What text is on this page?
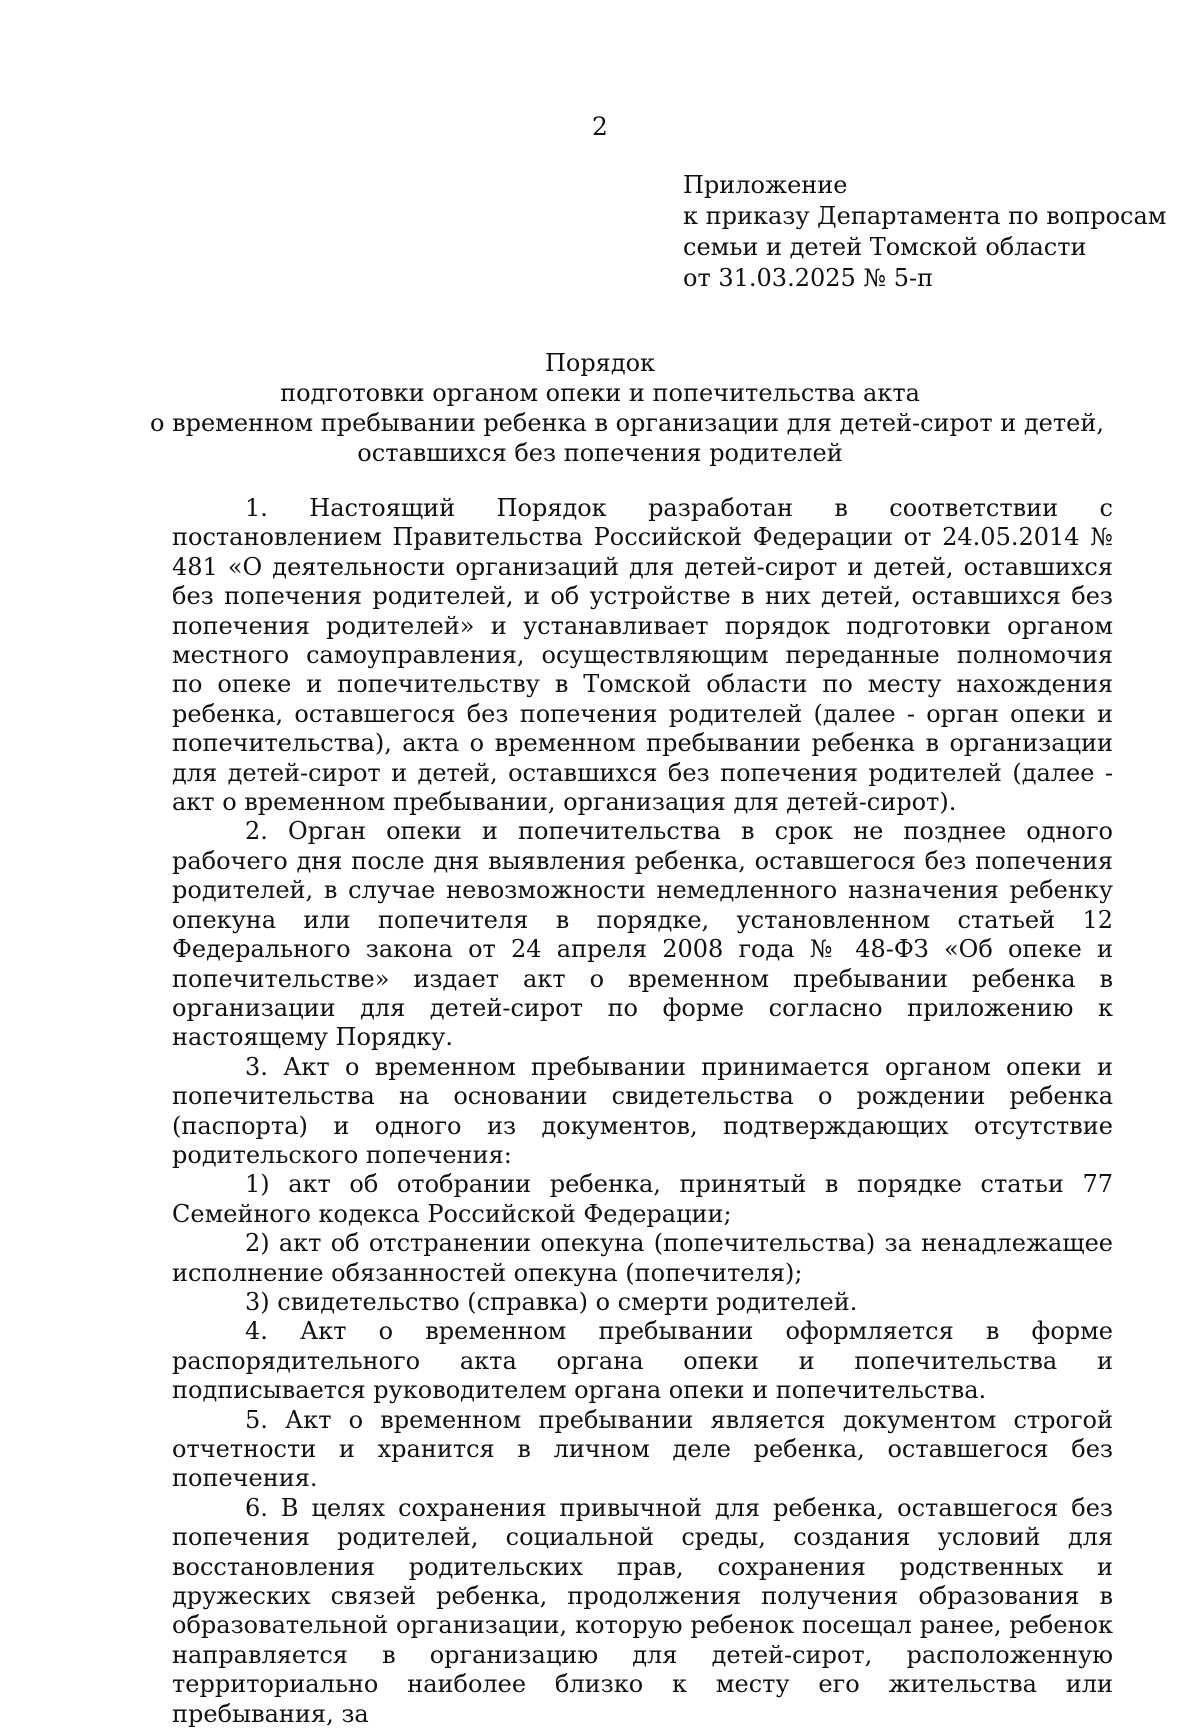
2
Приложение
к приказу Департамента по вопросам
семьи и детей Томской области
от 31.03.2025 № 5-п
Порядок
подготовки органом опеки и попечительства акта
о временном пребывании ребенка в организации для детей-сирот и детей,
оставшихся без попечения родителей

1. Настоящий Порядок разработан в соответствии с постановлением Правительства Российской Федерации от 24.05.2014 № 481 «О деятельности организаций для детей-сирот и детей, оставшихся без попечения родителей, и об устройстве в них детей, оставшихся без попечения родителей» и устанавливает порядок подготовки органом местного самоуправления, осуществляющим переданные полномочия по опеке и попечительству в Томской области по месту нахождения ребенка, оставшегося без попечения родителей (далее - орган опеки и попечительства), акта о временном пребывании ребенка в организации для детей-сирот и детей, оставшихся без попечения родителей (далее - акт о временном пребывании, организация для детей-сирот).

2. Орган опеки и попечительства в срок не позднее одного рабочего дня после дня выявления ребенка, оставшегося без попечения родителей, в случае невозможности немедленного назначения ребенку опекуна или попечителя в порядке, установленном статьей 12 Федерального закона от 24 апреля 2008 года № 48-ФЗ «Об опеке и попечительстве» издает акт о временном пребывании ребенка в организации для детей-сирот по форме согласно приложению к настоящему Порядку.

3. Акт о временном пребывании принимается органом опеки и попечительства на основании свидетельства о рождении ребенка (паспорта) и одного из документов, подтверждающих отсутствие родительского попечения:

1) акт об отобрании ребенка, принятый в порядке статьи 77 Семейного кодекса Российской Федерации;

2) акт об отстранении опекуна (попечительства) за ненадлежащее исполнение обязанностей опекуна (попечителя);

3) свидетельство (справка) о смерти родителей.

4. Акт о временном пребывании оформляется в форме распорядительного акта органа опеки и попечительства и подписывается руководителем органа опеки и попечительства.

5. Акт о временном пребывании является документом строгой отчетности и хранится в личном деле ребенка, оставшегося без попечения.

6. В целях сохранения привычной для ребенка, оставшегося без попечения родителей, социальной среды, создания условий для восстановления родительских прав, сохранения родственных и дружеских связей ребенка, продолжения получения образования в образовательной организации, которую ребенок посещал ранее, ребенок направляется в организацию для детей-сирот, расположенную территориально наиболее близко к месту его жительства или пребывания, за
